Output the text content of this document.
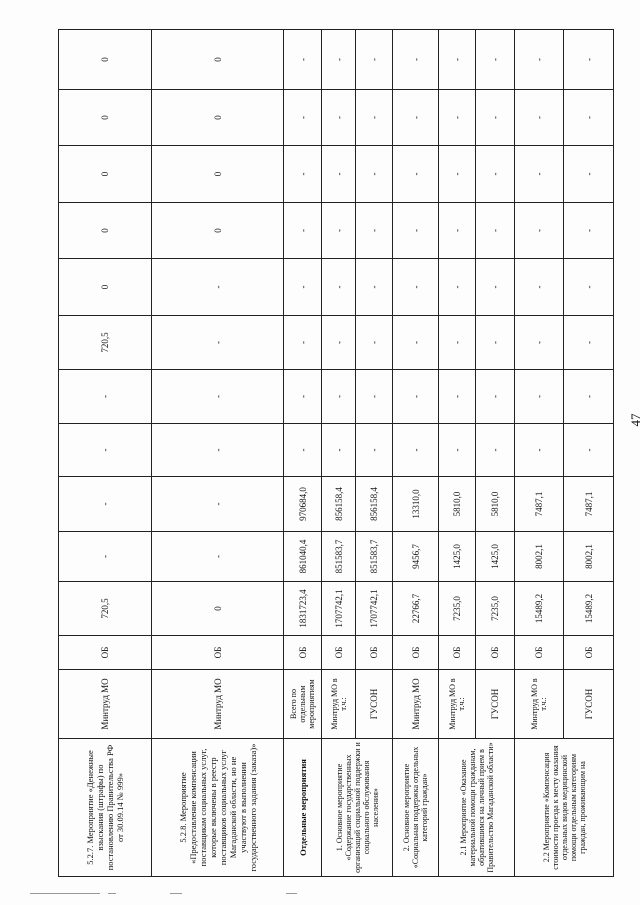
47
5.2.7. Мероприятие «Денежные взыскания (штрафы) по постановлению Правительства РФ от 30.09.14 № 999»	Минтруд МО	ОБ	720,5	-	-	-	-	720,5	0	0	0	0	0
5.2.8. Мероприятие «Предоставление компенсации поставщикам социальных услуг, которые включены в реестр поставщиков социальных услуг Магаданской области, но не участвуют в выполнении государственного задания (заказа)»	Минтруд МО	ОБ	0	-	-	-	-	-	-	0	0	0	0
Отдельные мероприятия	Всего по отдельным мероприятиям	ОБ	1831723,4	861040,4	970684,0	-	-	-	-	-	-	-	-
1. Основное мероприятие «Содержание государственных организаций социальной поддержки и социального обслуживания населения»	Минтруд МО в т.ч.:	ОБ	1707742,1	851583,7	856158,4	-	-	-	-	-	-	-	-
	ГУСОН	ОБ	1707742,1	851583,7	856158,4	-	-	-	-	-	-	-	-
2. Основное мероприятие «Социальная поддержка отдельных категорий граждан»	Минтруд МО	ОБ	22766,7	9456,7	13310,0	-	-	-	-	-	-	-	-
2.1 Мероприятие «Оказание материальной помощи гражданам, обратившимся на личный прием в Правительство Магаданской области»	Минтруд МО в т.ч.:	ОБ	7235,0	1425,0	5810,0	-	-	-	-	-	-	-	-
	ГУСОН	ОБ	7235,0	1425,0	5810,0	-	-	-	-	-	-	-	-
2.2 Мероприятие «Компенсация стоимости проезда к месту оказания отдельных видов медицинской помощи отдельным категориям граждан, проживающим на	Минтруд МО в т.ч.:	ОБ	15489,2	8002,1	7487,1	-	-	-	-	-	-	-	-
	ГУСОН	ОБ	15489,2	8002,1	7487,1	-	-	-	-	-	-	-	-
